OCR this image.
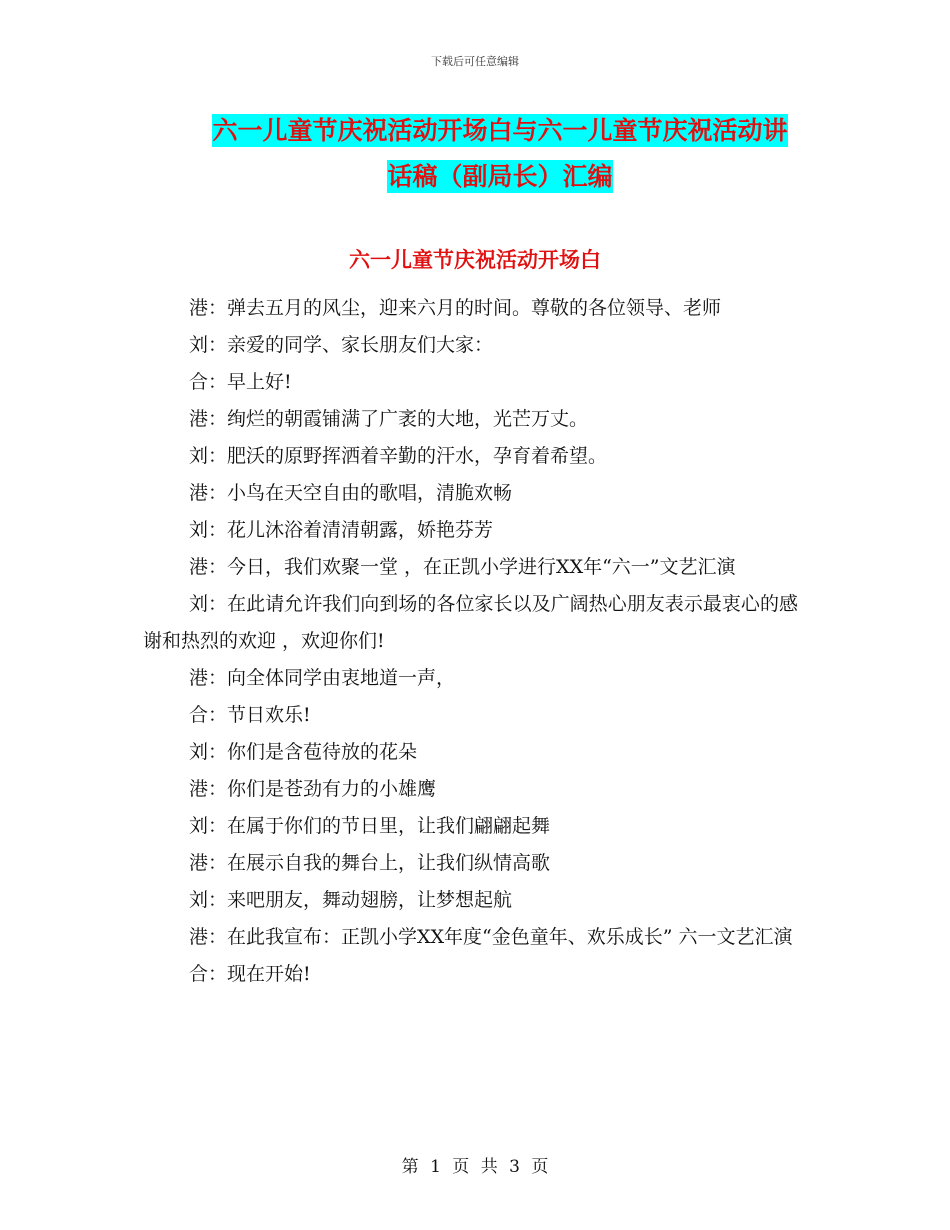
下载后可任意编辑
六一儿童节庆祝活动开场白与六一儿童节庆祝活动讲
话稿（副局长）汇编
六一儿童节庆祝活动开场白

港：弹去五月的风尘，迎来六月的时间。尊敬的各位领导、老师

刘：亲爱的同学、家长朋友们大家：

合：早上好!

港：绚烂的朝霞铺满了广袤的大地，光芒万丈。

刘：肥沃的原野挥洒着辛勤的汗水，孕育着希望。

港：小鸟在天空自由的歌唱，清脆欢畅

刘：花儿沐浴着清清朝露，娇艳芬芳

港：今日，我们欢聚一堂 ，在正凯小学进行XX年“六一”文艺汇演

刘：在此请允许我们向到场的各位家长以及广阔热心朋友表示最衷心的感谢和热烈的欢迎 ，欢迎你们!

港：向全体同学由衷地道一声，

合：节日欢乐!

刘：你们是含苞待放的花朵

港：你们是苍劲有力的小雄鹰

刘：在属于你们的节日里，让我们翩翩起舞

港：在展示自我的舞台上，让我们纵情高歌

刘：来吧朋友，舞动翅膀，让梦想起航

港：在此我宣布：正凯小学XX年度“金色童年、欢乐成长” 六一文艺汇演

合：现在开始!

第 1 页 共 3 页
